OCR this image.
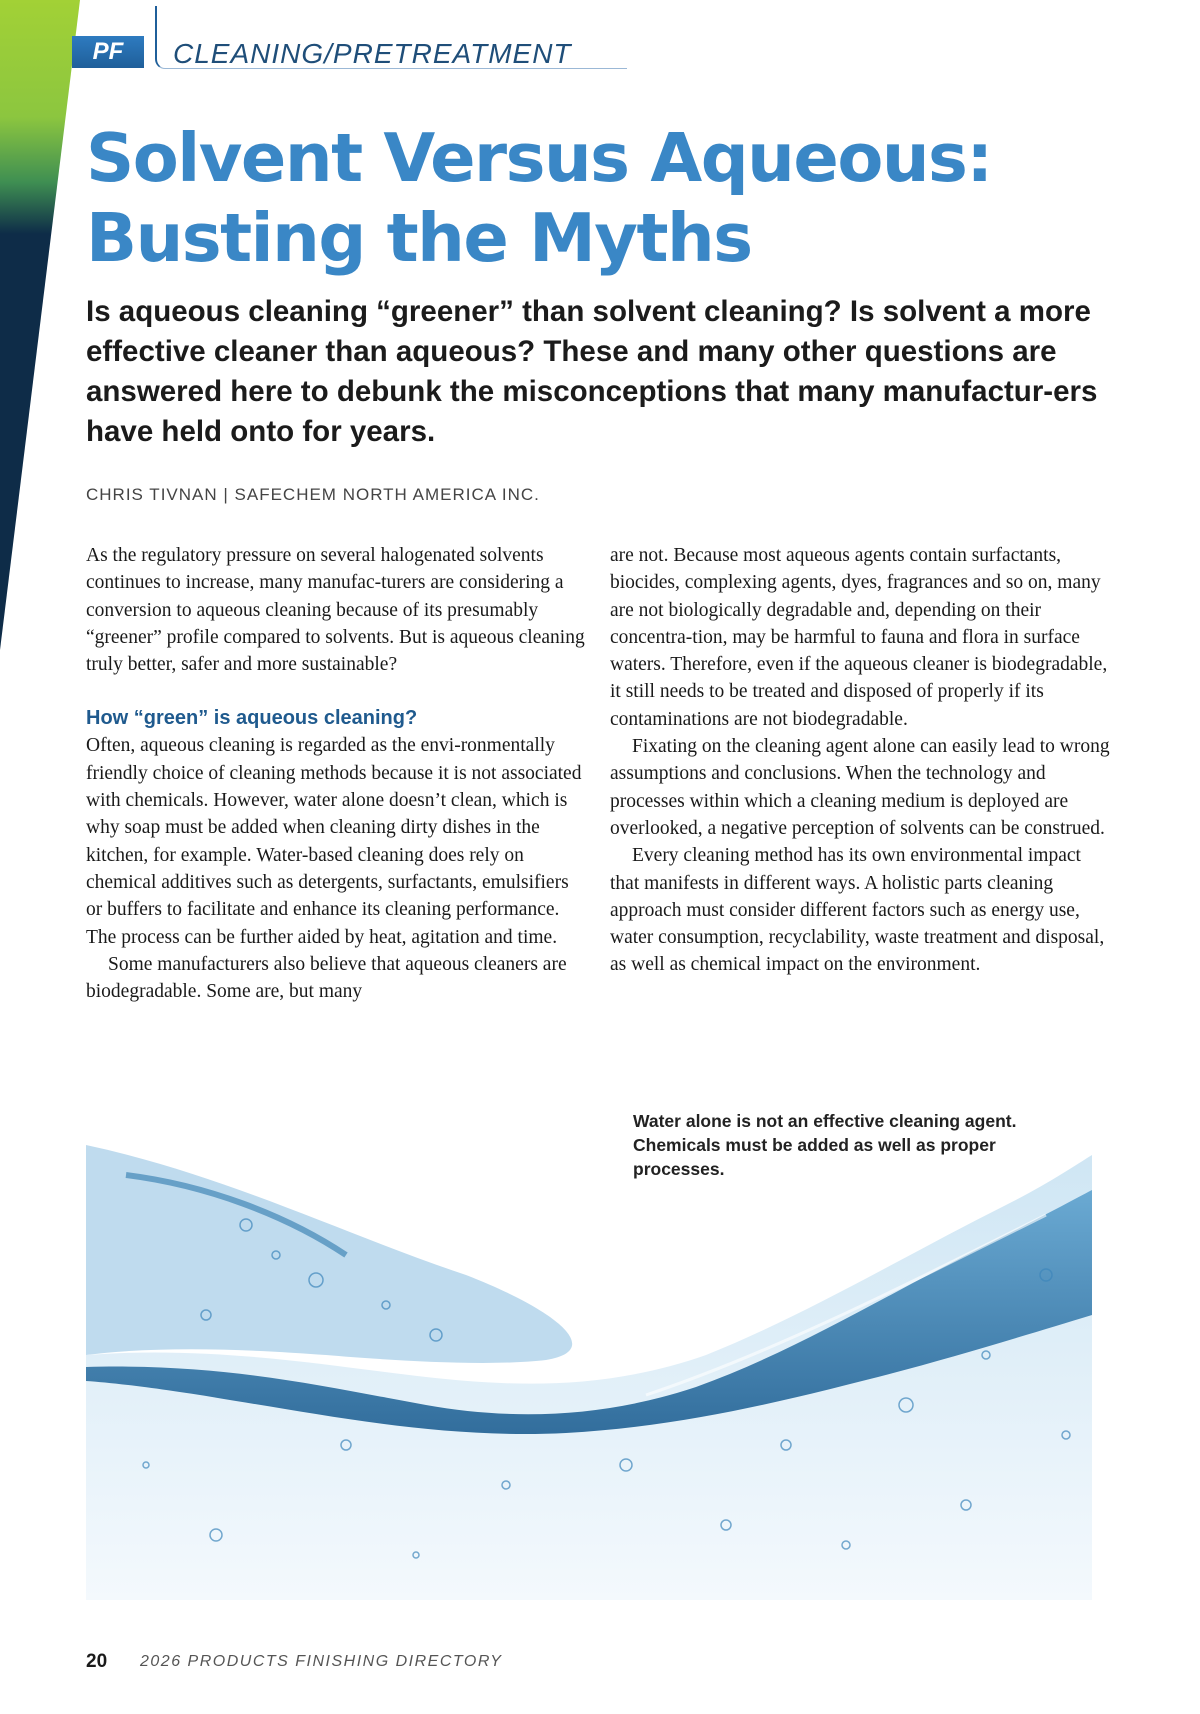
PF	CLEANING/PRETREATMENT
Solvent Versus Aqueous:
Busting the Myths

Is aqueous cleaning “greener” than solvent cleaning? Is solvent a more effective cleaner than aqueous? These and many other questions are answered here to debunk the misconceptions that many manufactur-ers have held onto for years.

CHRIS TIVNAN | SAFECHEM NORTH AMERICA INC.

As the regulatory pressure on several halogenated solvents continues to increase, many manufac-turers are considering a conversion to aqueous cleaning because of its presumably “greener” profile compared to solvents. But is aqueous cleaning truly better, safer and more sustainable?

How “green” is aqueous cleaning?

Often, aqueous cleaning is regarded as the envi-ronmentally friendly choice of cleaning methods because it is not associated with chemicals. However, water alone doesn’t clean, which is why soap must be added when cleaning dirty dishes in the kitchen, for example. Water-based cleaning does rely on chemical additives such as detergents, surfactants, emulsifiers or buffers to facilitate and enhance its cleaning performance. The process can be further aided by heat, agitation and time.

Some manufacturers also believe that aqueous cleaners are biodegradable. Some are, but many

are not. Because most aqueous agents contain surfactants, biocides, complexing agents, dyes, fragrances and so on, many are not biologically degradable and, depending on their concentra-tion, may be harmful to fauna and flora in surface waters. Therefore, even if the aqueous cleaner is biodegradable, it still needs to be treated and disposed of properly if its contaminations are not biodegradable.

Fixating on the cleaning agent alone can easily lead to wrong assumptions and conclusions. When the technology and processes within which a cleaning medium is deployed are overlooked, a negative perception of solvents can be construed.

Every cleaning method has its own environmental impact that manifests in different ways. A holistic parts cleaning approach must consider different factors such as energy use, water consumption, recyclability, waste treatment and disposal, as well as chemical impact on the environment.

Water alone is not an effective cleaning agent. Chemicals must be added as well as proper processes.

20 2026 PRODUCTS FINISHING DIRECTORY
